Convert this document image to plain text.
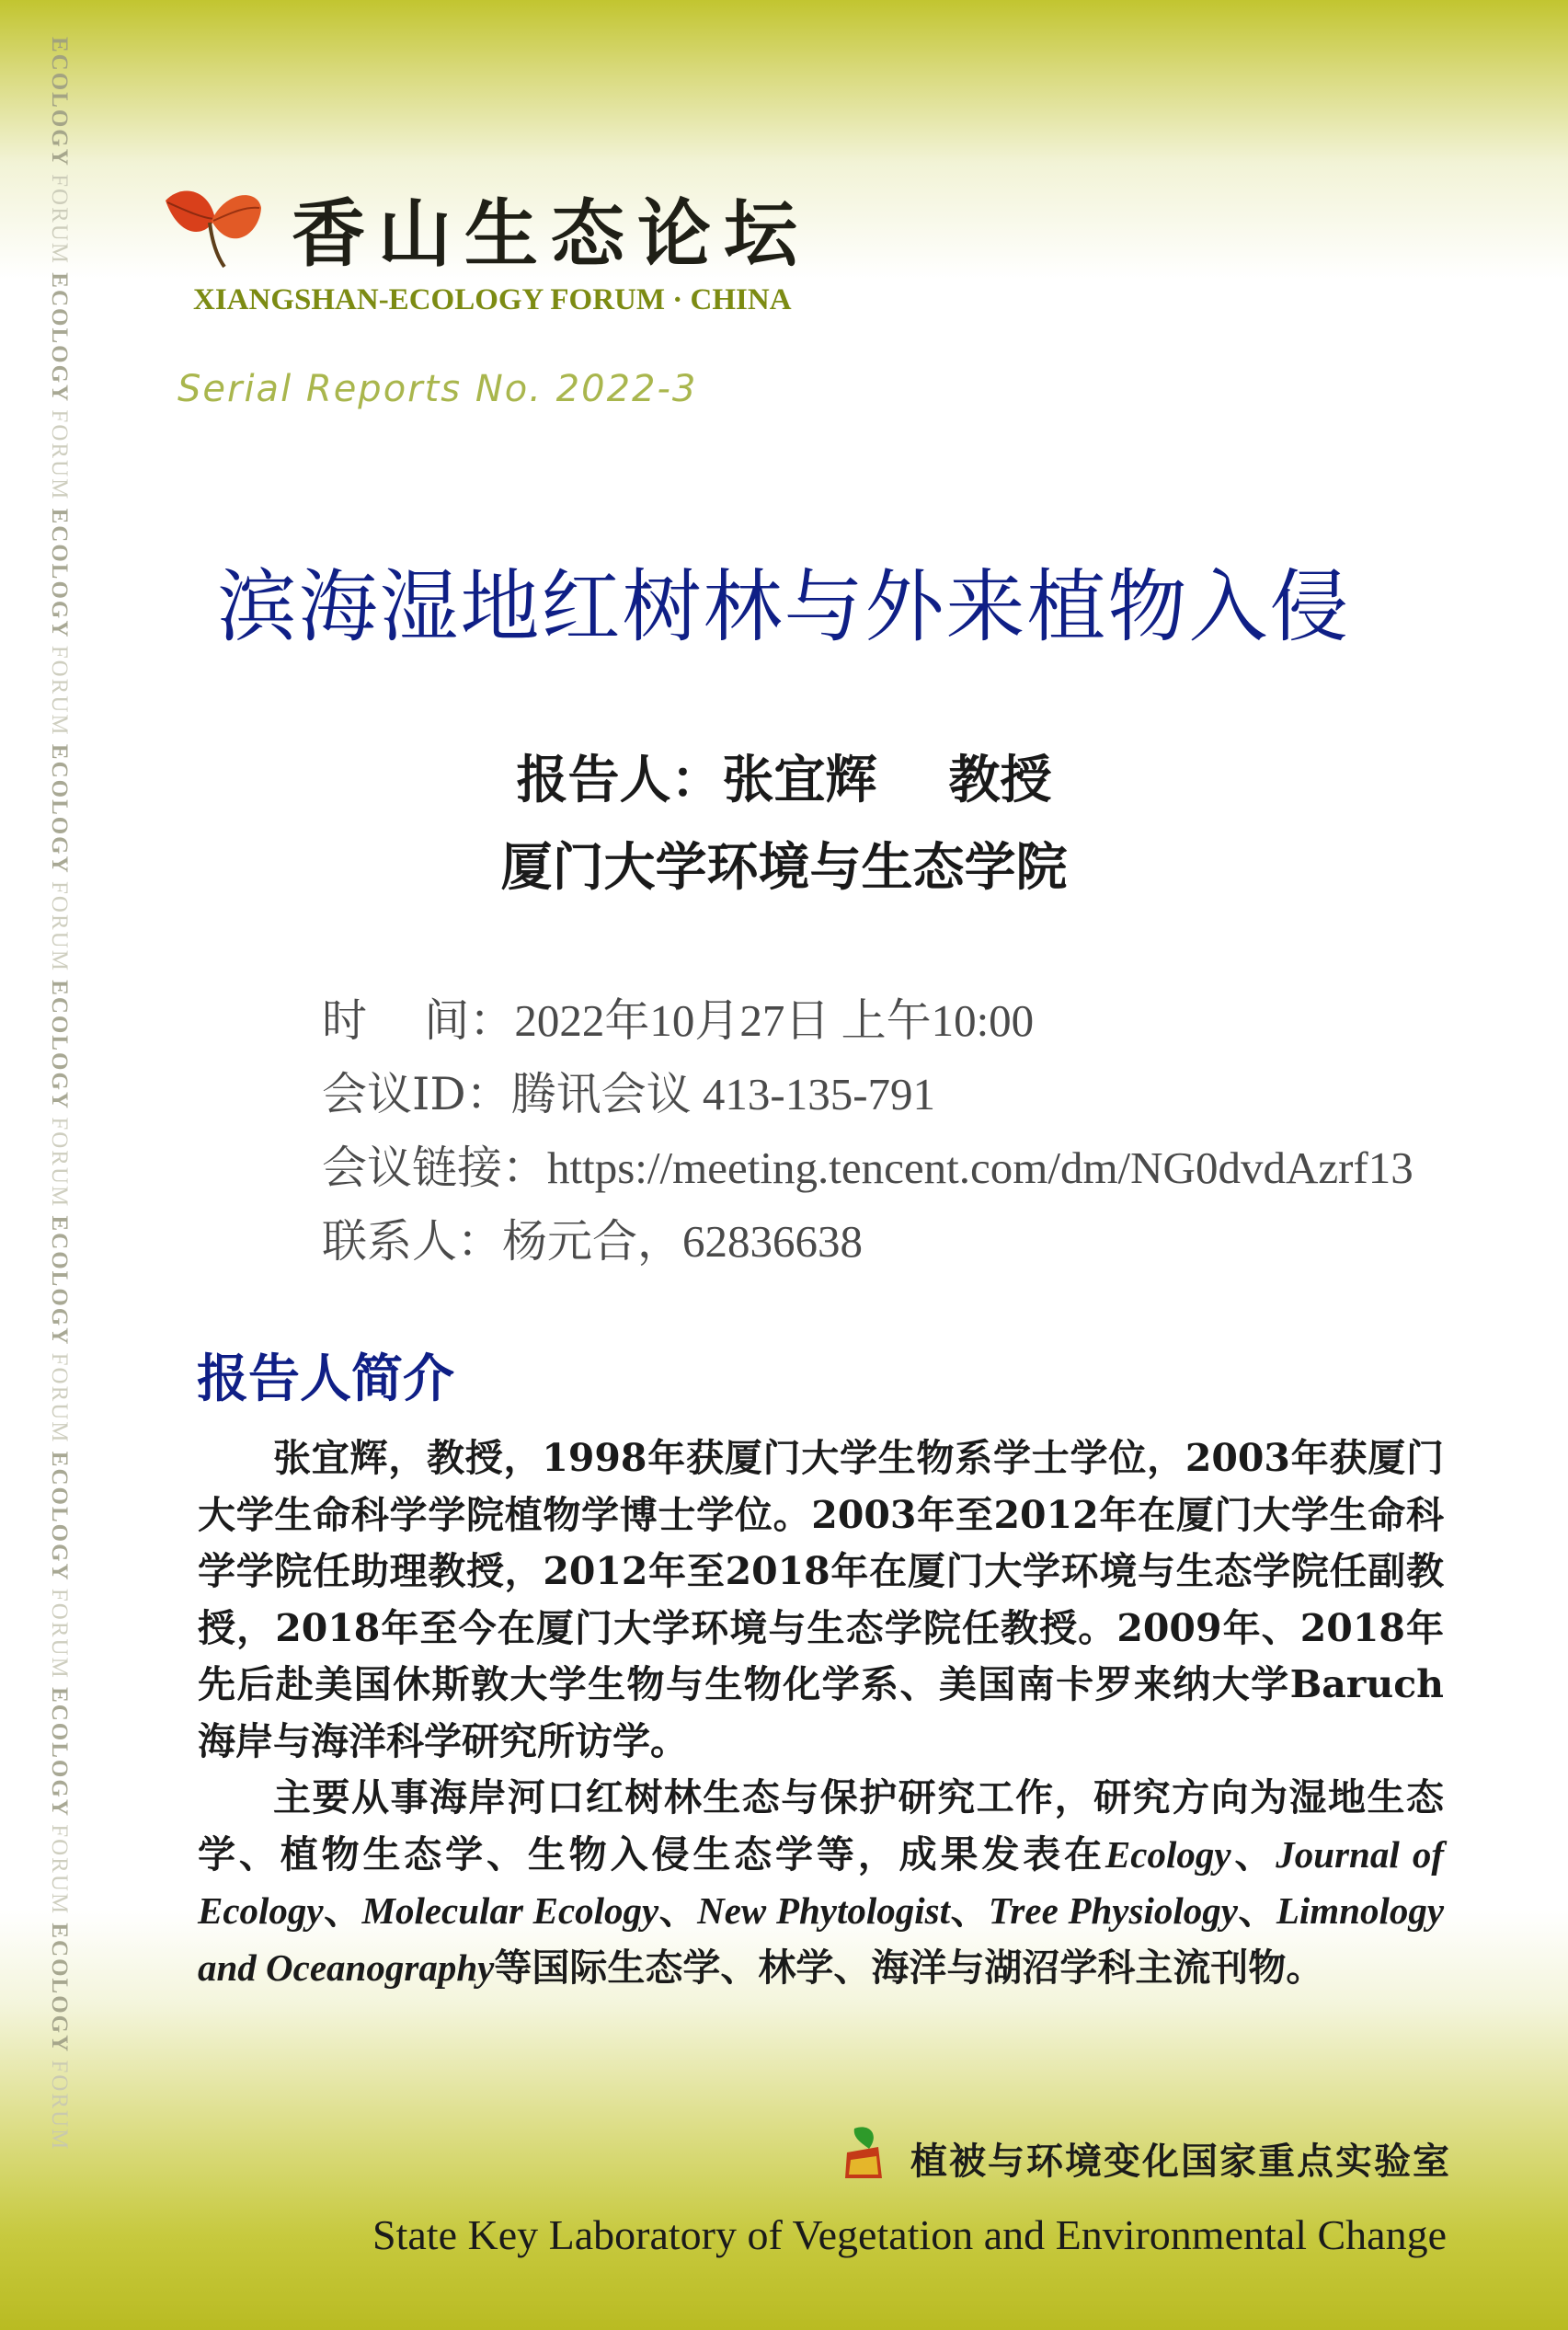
ECOLOGY FORUM ECOLOGY FORUM ECOLOGY FORUM ECOLOGY FORUM ECOLOGY FORUM ECOLOGY FORUM ECOLOGY FORUM ECOLOGY FORUM ECOLOGY FORUM
香山生态论坛
XIANGSHAN-ECOLOGY FORUM · CHINA
Serial Reports No. 2022-3
滨海湿地红树林与外来植物入侵
报告人：张宜辉    教授
厦门大学环境与生态学院
时    间：2022年10月27日 上午10:00
会议ID：腾讯会议 413-135-791
会议链接：https://meeting.tencent.com/dm/NG0dvdAzrf13
联系人：杨元合，62836638
报告人简介

张宜辉，教授，1998年获厦门大学生物系学士学位，2003年获厦门大学生命科学学院植物学博士学位。2003年至2012年在厦门大学生命科学学院任助理教授，2012年至2018年在厦门大学环境与生态学院任副教授，2018年至今在厦门大学环境与生态学院任教授。2009年、2018年先后赴美国休斯敦大学生物与生物化学系、美国南卡罗来纳大学Baruch海岸与海洋科学研究所访学。

主要从事海岸河口红树林生态与保护研究工作，研究方向为湿地生态学、植物生态学、生物入侵生态学等，成果发表在Ecology、Journal of Ecology、Molecular Ecology、New Phytologist、Tree Physiology、Limnology and Oceanography等国际生态学、林学、海洋与湖沼学科主流刊物。

植被与环境变化国家重点实验室
State Key Laboratory of Vegetation and Environmental Change
